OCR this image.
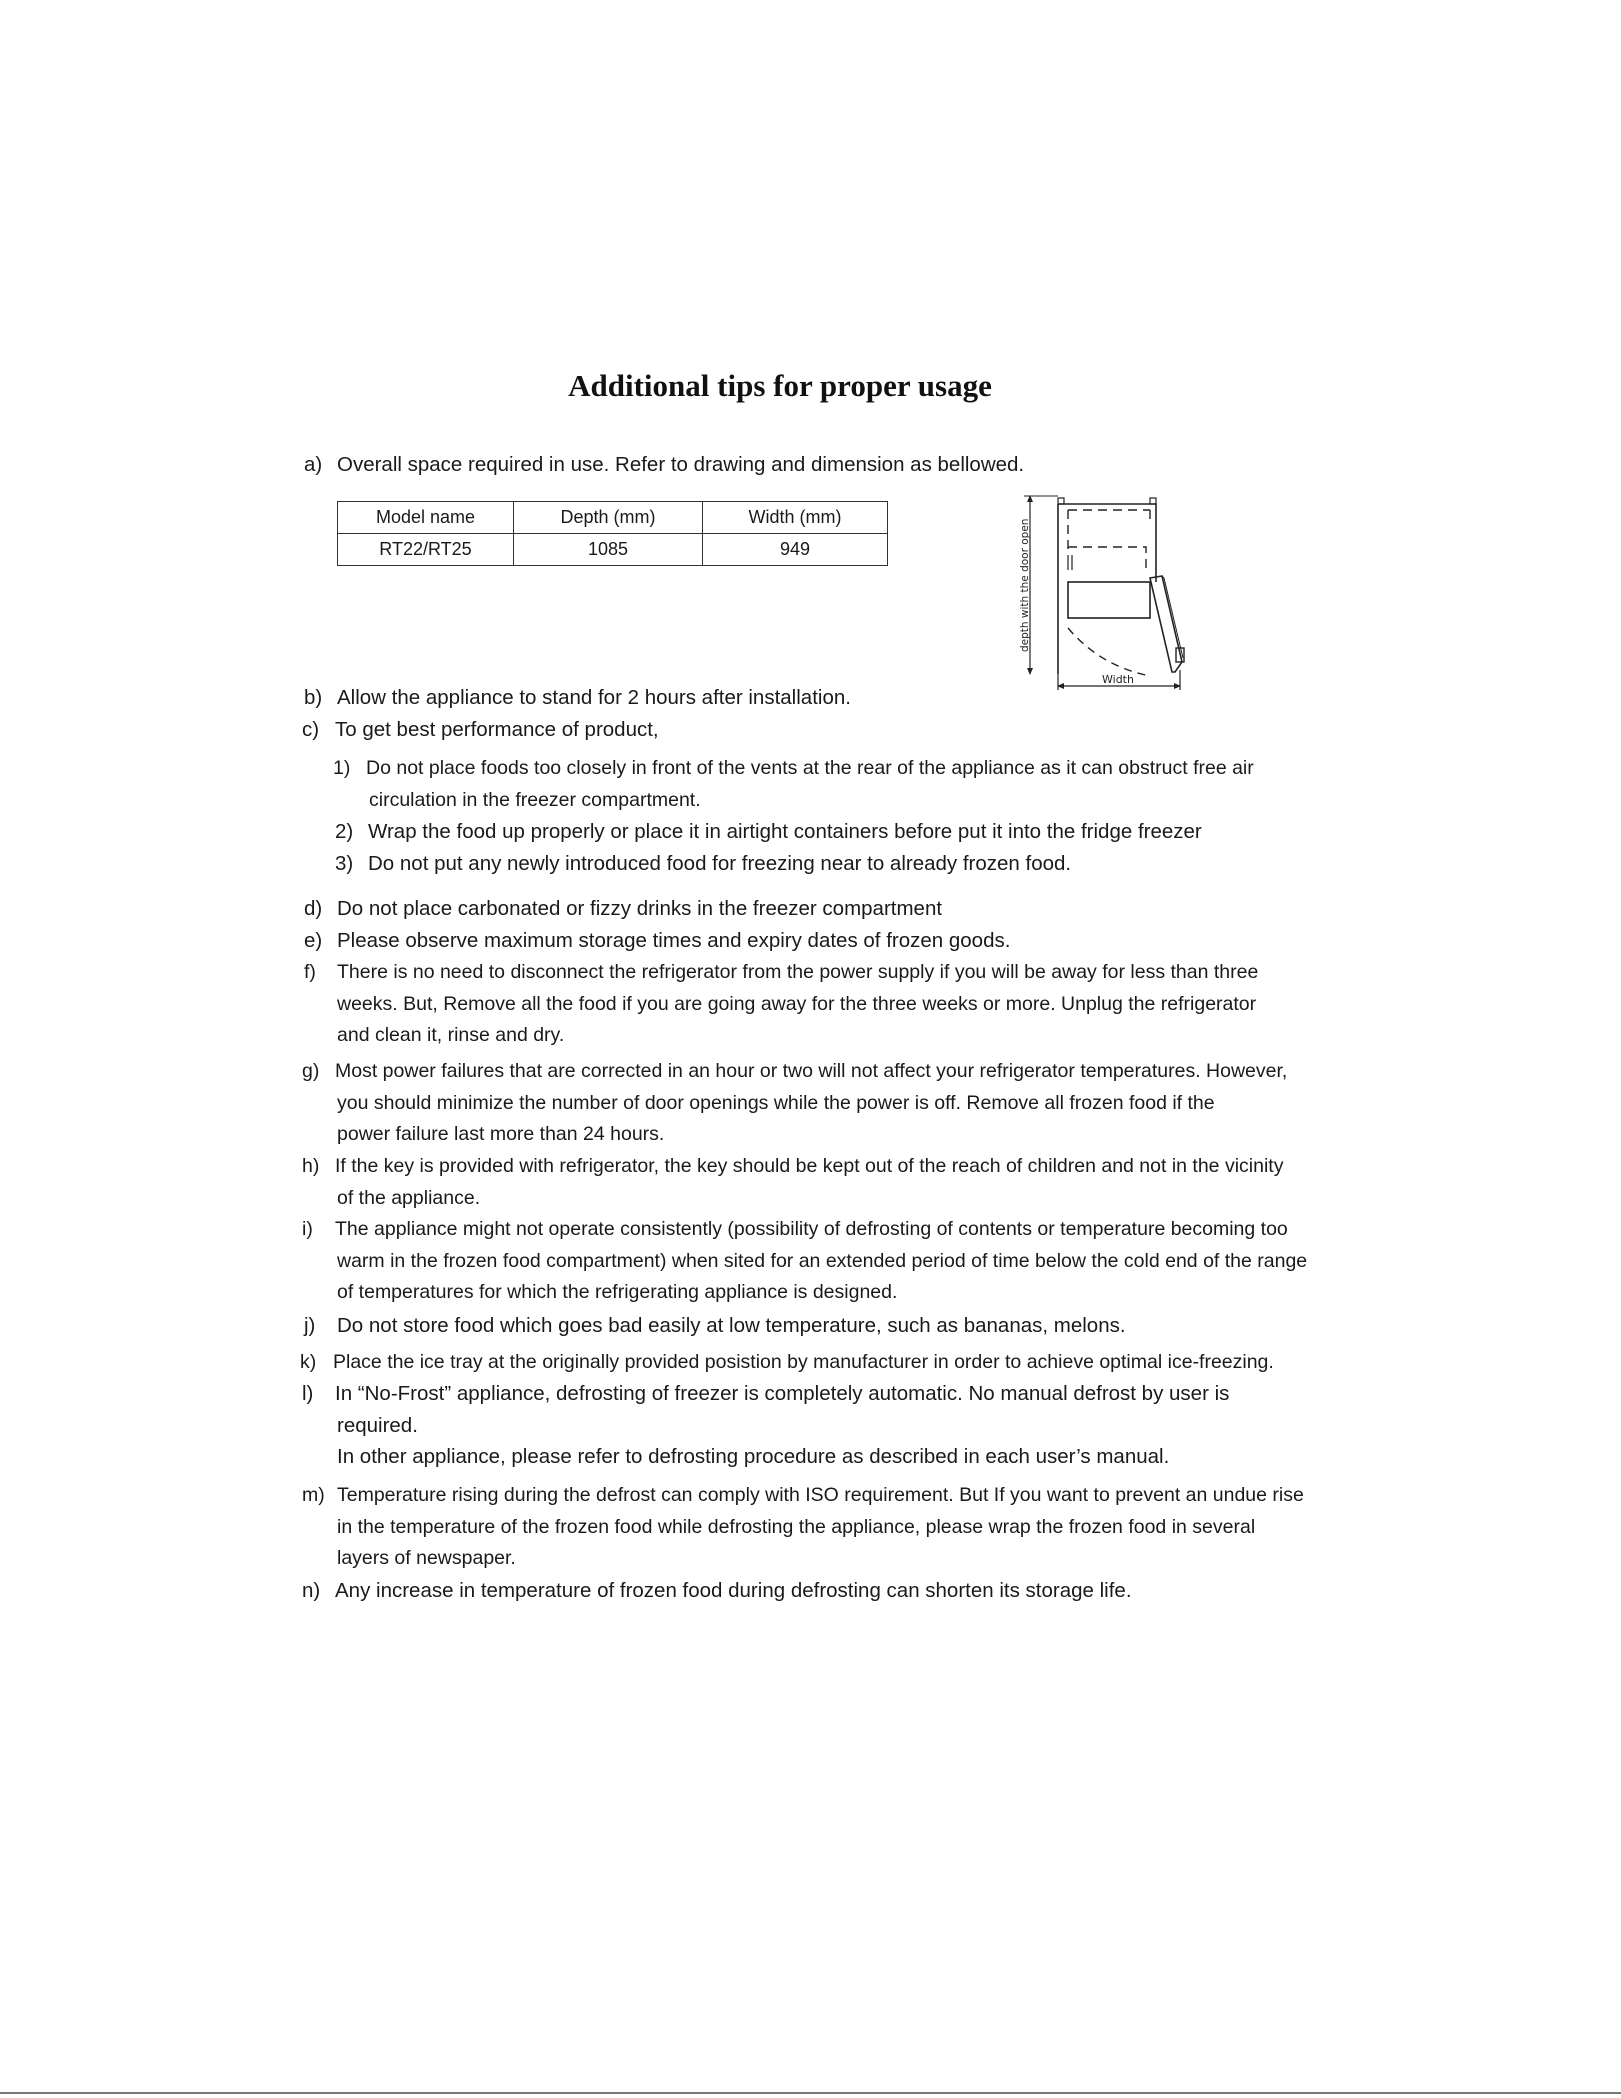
Additional tips for proper usage
a) Overall space required in use. Refer to drawing and dimension as bellowed.
Model name	Depth (mm)	Width (mm)
RT22/RT25	1085	949	depth with the door open
Width
b) Allow the appliance to stand for 2 hours after installation.
c) To get best performance of product,
1) Do not place foods too closely in front of the vents at the rear of the appliance as it can obstruct free air
circulation in the freezer compartment.
2) Wrap the food up properly or place it in airtight containers before put it into the fridge freezer
3) Do not put any newly introduced food for freezing near to already frozen food.
d) Do not place carbonated or fizzy drinks in the freezer compartment
e) Please observe maximum storage times and expiry dates of frozen goods.
f) There is no need to disconnect the refrigerator from the power supply if you will be away for less than three
weeks. But, Remove all the food if you are going away for the three weeks or more. Unplug the refrigerator
and clean it, rinse and dry.
g) Most power failures that are corrected in an hour or two will not affect your refrigerator temperatures. However,
you should minimize the number of door openings while the power is off. Remove all frozen food if the
power failure last more than 24 hours.
h) If the key is provided with refrigerator, the key should be kept out of the reach of children and not in the vicinity
of the appliance.
i) The appliance might not operate consistently (possibility of defrosting of contents or temperature becoming too
warm in the frozen food compartment) when sited for an extended period of time below the cold end of the range
of temperatures for which the refrigerating appliance is designed.
j) Do not store food which goes bad easily at low temperature, such as bananas, melons.
k) Place the ice tray at the originally provided posistion by manufacturer in order to achieve optimal ice-freezing.
l) In “No-Frost” appliance, defrosting of freezer is completely automatic. No manual defrost by user is
required.
In other appliance, please refer to defrosting procedure as described in each user’s manual.
m) Temperature rising during the defrost can comply with ISO requirement. But If you want to prevent an undue rise
in the temperature of the frozen food while defrosting the appliance, please wrap the frozen food in several
layers of newspaper.
n) Any increase in temperature of frozen food during defrosting can shorten its storage life.
